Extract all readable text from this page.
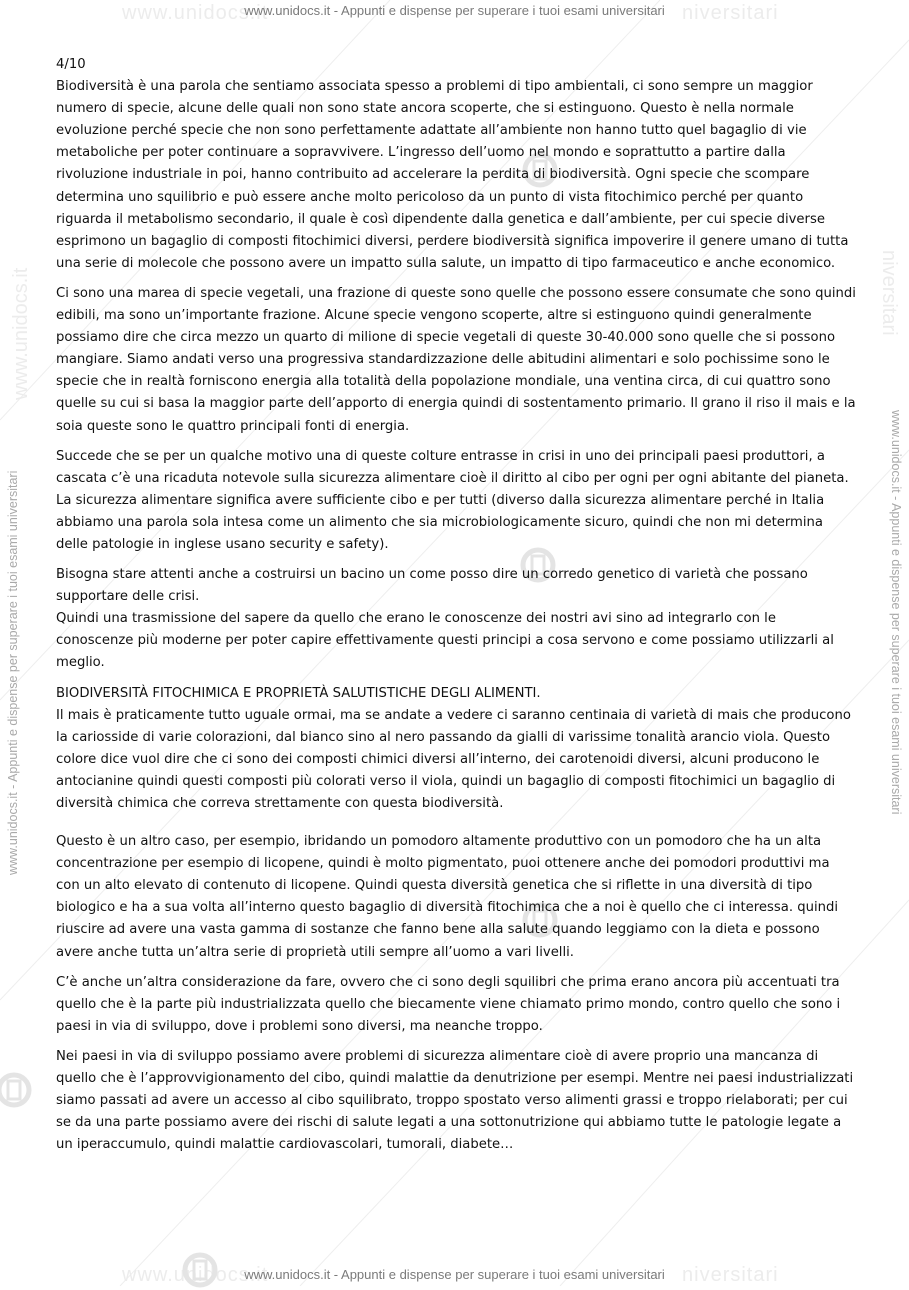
www.unidocs.it	niversitari
www.unidocs.it	niversitari
www.unidocs.it - Appunti e dispense per superare i tuoi esami universitari
www.unidocs.it - Appunti e dispense per superare i tuoi esami universitari
www.unidocs.it - Appunti e dispense per superare i tuoi esami universitari	www.unidocs.it - Appunti e dispense per superare i tuoi esami universitari
www.unidocs.it	niversitari
4/10

Biodiversità è una parola che sentiamo associata spesso a problemi di tipo ambientali, ci sono sempre un maggior numero di specie, alcune delle quali non sono state ancora scoperte, che si estinguono. Questo è nella normale evoluzione perché specie che non sono perfettamente adattate all’ambiente non hanno tutto quel bagaglio di vie metaboliche per poter continuare a sopravvivere. L’ingresso dell’uomo nel mondo e soprattutto a partire dalla rivoluzione industriale in poi, hanno contribuito ad accelerare la perdita di biodiversità. Ogni specie che scompare determina uno squilibrio e può essere anche molto pericoloso da un punto di vista fitochimico perché per quanto riguarda il metabolismo secondario, il quale è così dipendente dalla genetica e dall’ambiente, per cui specie diverse esprimono un bagaglio di composti fitochimici diversi, perdere biodiversità significa impoverire il genere umano di tutta una serie di molecole che possono avere un impatto sulla salute, un impatto di tipo farmaceutico e anche economico.

Ci sono una marea di specie vegetali, una frazione di queste sono quelle che possono essere consumate che sono quindi edibili, ma sono un’importante frazione. Alcune specie vengono scoperte, altre si estinguono quindi generalmente possiamo dire che circa mezzo un quarto di milione di specie vegetali di queste 30-40.000 sono quelle che si possono mangiare. Siamo andati verso una progressiva standardizzazione delle abitudini alimentari e solo pochissime sono le specie che in realtà forniscono energia alla totalità della popolazione mondiale, una ventina circa, di cui quattro sono quelle su cui si basa la maggior parte dell’apporto di energia quindi di sostentamento primario. Il grano il riso il mais e la soia queste sono le quattro principali fonti di energia.

Succede che se per un qualche motivo una di queste colture entrasse in crisi in uno dei principali paesi produttori, a cascata c’è una ricaduta notevole sulla sicurezza alimentare cioè il diritto al cibo per ogni per ogni abitante del pianeta. La sicurezza alimentare significa avere sufficiente cibo e per tutti (diverso dalla sicurezza alimentare perché in Italia abbiamo una parola sola intesa come un alimento che sia microbiologicamente sicuro, quindi che non mi determina delle patologie in inglese usano security e safety).

Bisogna stare attenti anche a costruirsi un bacino un come posso dire un corredo genetico di varietà che possano supportare delle crisi.
Quindi una trasmissione del sapere da quello che erano le conoscenze dei nostri avi sino ad integrarlo con le conoscenze più moderne per poter capire effettivamente questi principi a cosa servono e come possiamo utilizzarli al meglio.

BIODIVERSITÀ FITOCHIMICA E PROPRIETÀ SALUTISTICHE DEGLI ALIMENTI.

Il mais è praticamente tutto uguale ormai, ma se andate a vedere ci saranno centinaia di varietà di mais che producono la cariosside di varie colorazioni, dal bianco sino al nero passando da gialli di varissime tonalità arancio viola. Questo colore dice vuol dire che ci sono dei composti chimici diversi all’interno, dei carotenoidi diversi, alcuni producono le antocianine quindi questi composti più colorati verso il viola, quindi un bagaglio di composti fitochimici un bagaglio di diversità chimica che correva strettamente con questa biodiversità.

Questo è un altro caso, per esempio, ibridando un pomodoro altamente produttivo con un pomodoro che ha un alta concentrazione per esempio di licopene, quindi è molto pigmentato, puoi ottenere anche dei pomodori produttivi ma con un alto elevato di contenuto di licopene. Quindi questa diversità genetica che si riflette in una diversità di tipo biologico e ha a sua volta all’interno questo bagaglio di diversità fitochimica che a noi è quello che ci interessa. quindi riuscire ad avere una vasta gamma di sostanze che fanno bene alla salute quando leggiamo con la dieta e possono avere anche tutta un’altra serie di proprietà utili sempre all’uomo a vari livelli.

C’è anche un’altra considerazione da fare, ovvero che ci sono degli squilibri che prima erano ancora più accentuati tra quello che è la parte più industrializzata quello che biecamente viene chiamato primo mondo, contro quello che sono i paesi in via di sviluppo, dove i problemi sono diversi, ma neanche troppo.

Nei paesi in via di sviluppo possiamo avere problemi di sicurezza alimentare cioè di avere proprio una mancanza di quello che è l’approvvigionamento del cibo, quindi malattie da denutrizione per esempi. Mentre nei paesi industrializzati siamo passati ad avere un accesso al cibo squilibrato, troppo spostato verso alimenti grassi e troppo rielaborati; per cui se da una parte possiamo avere dei rischi di salute legati a una sottonutrizione qui abbiamo tutte le patologie legate a un iperaccumulo, quindi malattie cardiovascolari, tumorali, diabete…
